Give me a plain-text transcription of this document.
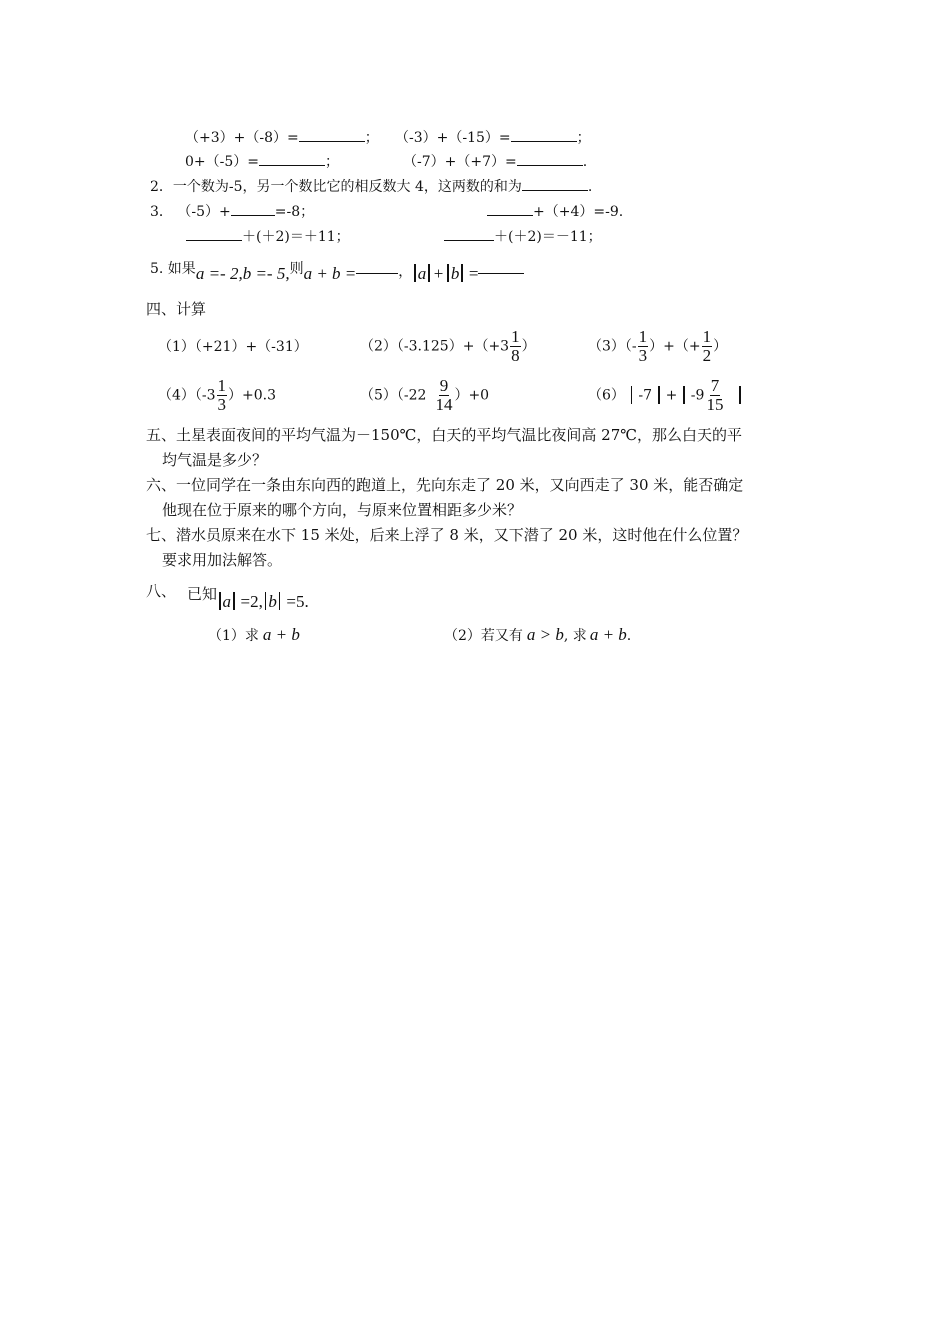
（+3）+（-8）=	； （-3）+（-15）=	；
0+（-5）=	；	（-7）+（+7）=	.
2．一个数为-5，另一个数比它的相反数大 4，这两数的和为	.
3． （-5）+	=-8；	+（+4）=-9.
＋(＋2)＝＋11；	＋(＋2)＝－11；
5. 如果a =- 2,b =- 5,则a + b =	， a + b =
四、计算
（1）（+21）+（-31）	$(2)(-3.125)+(+3 \frac{1}{8}$ ）	$(3)(- \frac{1}{3}$ ）+（+ $\frac{1}{2}$ ）
$(4)(-3 \frac{1}{3} )+0.3$	$(5)(-22 \frac{9}{14} )+0$	（6） $-7 + -9 \frac{7}{15}$
五、土星表面夜间的平均气温为－150℃，白天的平均气温比夜间高 27℃，那么白天的平
均气温是多少？
六、一位同学在一条由东向西的跑道上，先向东走了 20 米，又向西走了 30 米，能否确定
他现在位于原来的哪个方向，与原来位置相距多少米？
七、潜水员原来在水下 15 米处，后来上浮了 8 米，又下潜了 20 米，这时他在什么位置？
要求用加法解答。
八、 已知 a =2, b =5.
（1）求 a + b	（2）若又有 a > b, 求 a + b.
